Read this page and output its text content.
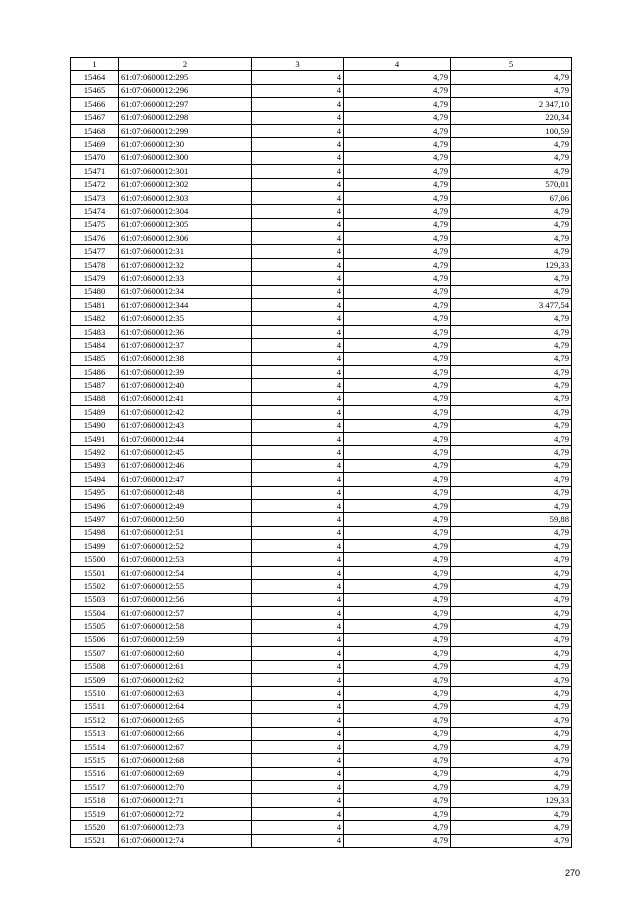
1	2	3	4	5
15464	61:07:0600012:295	4	4,79	4,79
15465	61:07:0600012:296	4	4,79	4,79
15466	61:07:0600012:297	4	4,79	2 347,10
15467	61:07:0600012:298	4	4,79	220,34
15468	61:07:0600012:299	4	4,79	100,59
15469	61:07:0600012:30	4	4,79	4,79
15470	61:07:0600012:300	4	4,79	4,79
15471	61:07:0600012:301	4	4,79	4,79
15472	61:07:0600012:302	4	4,79	570,01
15473	61:07:0600012:303	4	4,79	67,06
15474	61:07:0600012:304	4	4,79	4,79
15475	61:07:0600012:305	4	4,79	4,79
15476	61:07:0600012:306	4	4,79	4,79
15477	61:07:0600012:31	4	4,79	4,79
15478	61:07:0600012:32	4	4,79	129,33
15479	61:07:0600012:33	4	4,79	4,79
15480	61:07:0600012:34	4	4,79	4,79
15481	61:07:0600012:344	4	4,79	3 477,54
15482	61:07:0600012:35	4	4,79	4,79
15483	61:07:0600012:36	4	4,79	4,79
15484	61:07:0600012:37	4	4,79	4,79
15485	61:07:0600012:38	4	4,79	4,79
15486	61:07:0600012:39	4	4,79	4,79
15487	61:07:0600012:40	4	4,79	4,79
15488	61:07:0600012:41	4	4,79	4,79
15489	61:07:0600012:42	4	4,79	4,79
15490	61:07:0600012:43	4	4,79	4,79
15491	61:07:0600012:44	4	4,79	4,79
15492	61:07:0600012:45	4	4,79	4,79
15493	61:07:0600012:46	4	4,79	4,79
15494	61:07:0600012:47	4	4,79	4,79
15495	61:07:0600012:48	4	4,79	4,79
15496	61:07:0600012:49	4	4,79	4,79
15497	61:07:0600012:50	4	4,79	59,88
15498	61:07:0600012:51	4	4,79	4,79
15499	61:07:0600012:52	4	4,79	4,79
15500	61:07:0600012:53	4	4,79	4,79
15501	61:07:0600012:54	4	4,79	4,79
15502	61:07:0600012:55	4	4,79	4,79
15503	61:07:0600012:56	4	4,79	4,79
15504	61:07:0600012:57	4	4,79	4,79
15505	61:07:0600012:58	4	4,79	4,79
15506	61:07:0600012:59	4	4,79	4,79
15507	61:07:0600012:60	4	4,79	4,79
15508	61:07:0600012:61	4	4,79	4,79
15509	61:07:0600012:62	4	4,79	4,79
15510	61:07:0600012:63	4	4,79	4,79
15511	61:07:0600012:64	4	4,79	4,79
15512	61:07:0600012:65	4	4,79	4,79
15513	61:07:0600012:66	4	4,79	4,79
15514	61:07:0600012:67	4	4,79	4,79
15515	61:07:0600012:68	4	4,79	4,79
15516	61:07:0600012:69	4	4,79	4,79
15517	61:07:0600012:70	4	4,79	4,79
15518	61:07:0600012:71	4	4,79	129,33
15519	61:07:0600012:72	4	4,79	4,79
15520	61:07:0600012:73	4	4,79	4,79
15521	61:07:0600012:74	4	4,79	4,79
270
